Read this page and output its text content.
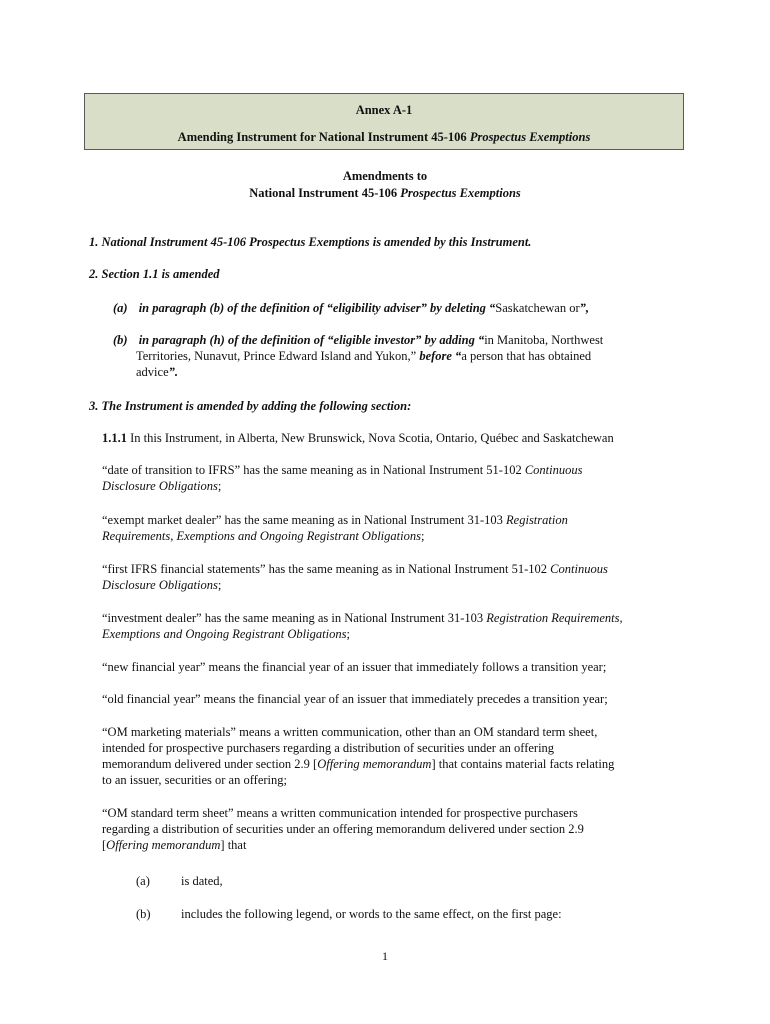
Annex A-1
Amending Instrument for National Instrument 45-106 Prospectus Exemptions
Amendments to
National Instrument 45-106 Prospectus Exemptions
1. National Instrument 45-106 Prospectus Exemptions is amended by this Instrument.
2. Section 1.1 is amended
(a) in paragraph (b) of the definition of “eligibility adviser” by deleting “Saskatchewan or”,
(b) in paragraph (h) of the definition of “eligible investor” by adding “in Manitoba, Northwest
Territories, Nunavut, Prince Edward Island and Yukon,” before “a person that has obtained
advice”.
3. The Instrument is amended by adding the following section:
1.1.1 In this Instrument, in Alberta, New Brunswick, Nova Scotia, Ontario, Québec and Saskatchewan
“date of transition to IFRS” has the same meaning as in National Instrument 51-102 Continuous
Disclosure Obligations;
“exempt market dealer” has the same meaning as in National Instrument 31-103 Registration
Requirements, Exemptions and Ongoing Registrant Obligations;
“first IFRS financial statements” has the same meaning as in National Instrument 51-102 Continuous
Disclosure Obligations;
“investment dealer” has the same meaning as in National Instrument 31-103 Registration Requirements,
Exemptions and Ongoing Registrant Obligations;
“new financial year” means the financial year of an issuer that immediately follows a transition year;
“old financial year” means the financial year of an issuer that immediately precedes a transition year;
“OM marketing materials” means a written communication, other than an OM standard term sheet,
intended for prospective purchasers regarding a distribution of securities under an offering
memorandum delivered under section 2.9 [Offering memorandum] that contains material facts relating
to an issuer, securities or an offering;
“OM standard term sheet” means a written communication intended for prospective purchasers
regarding a distribution of securities under an offering memorandum delivered under section 2.9
[Offering memorandum] that
(a) is dated,
(b) includes the following legend, or words to the same effect, on the first page:
1
